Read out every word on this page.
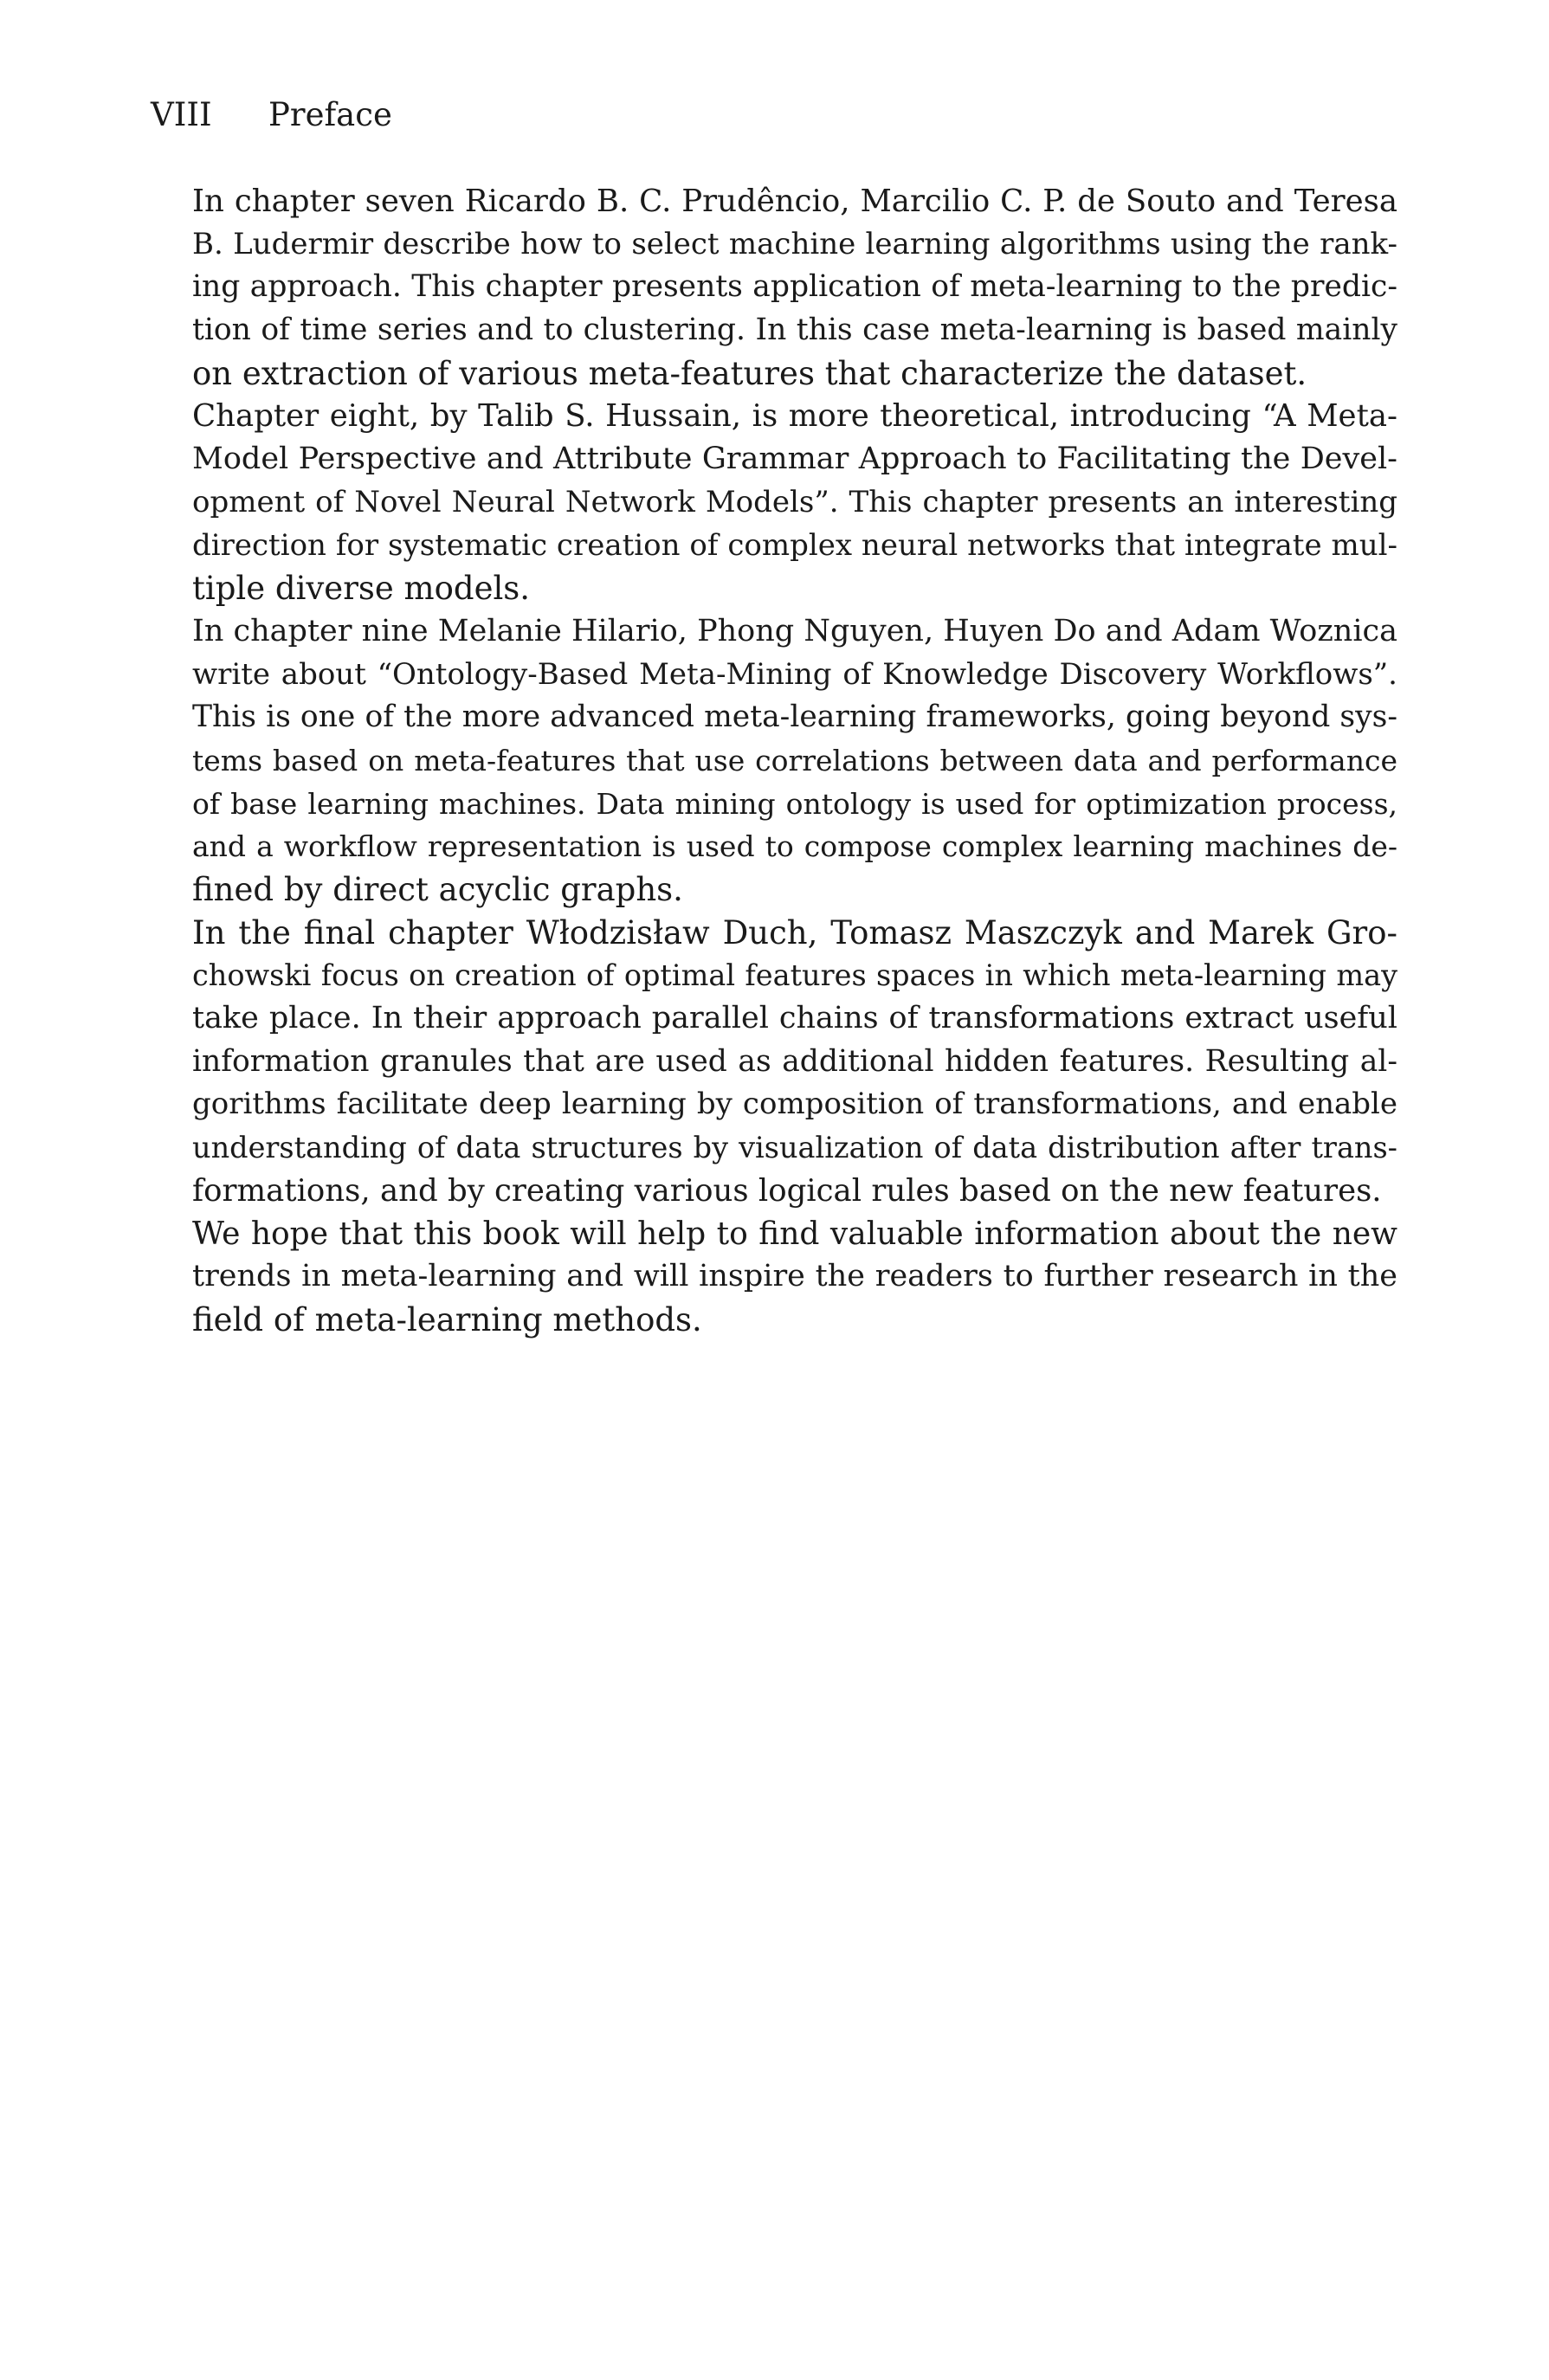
VIII Preface
In chapter seven Ricardo B. C. Prudêncio, Marcilio C. P. de Souto and Teresa
B. Ludermir describe how to select machine learning algorithms using the rank-
ing approach. This chapter presents application of meta-learning to the predic-
tion of time series and to clustering. In this case meta-learning is based mainly
on extraction of various meta-features that characterize the dataset.
Chapter eight, by Talib S. Hussain, is more theoretical, introducing “A Meta-
Model Perspective and Attribute Grammar Approach to Facilitating the Devel-
opment of Novel Neural Network Models”. This chapter presents an interesting
direction for systematic creation of complex neural networks that integrate mul-
tiple diverse models.
In chapter nine Melanie Hilario, Phong Nguyen, Huyen Do and Adam Woznica
write about “Ontology-Based Meta-Mining of Knowledge Discovery Workflows”.
This is one of the more advanced meta-learning frameworks, going beyond sys-
tems based on meta-features that use correlations between data and performance
of base learning machines. Data mining ontology is used for optimization process,
and a workflow representation is used to compose complex learning machines de-
fined by direct acyclic graphs.
In the final chapter Włodzisław Duch, Tomasz Maszczyk and Marek Gro-
chowski focus on creation of optimal features spaces in which meta-learning may
take place. In their approach parallel chains of transformations extract useful
information granules that are used as additional hidden features. Resulting al-
gorithms facilitate deep learning by composition of transformations, and enable
understanding of data structures by visualization of data distribution after trans-
formations, and by creating various logical rules based on the new features.
We hope that this book will help to find valuable information about the new
trends in meta-learning and will inspire the readers to further research in the
field of meta-learning methods.
